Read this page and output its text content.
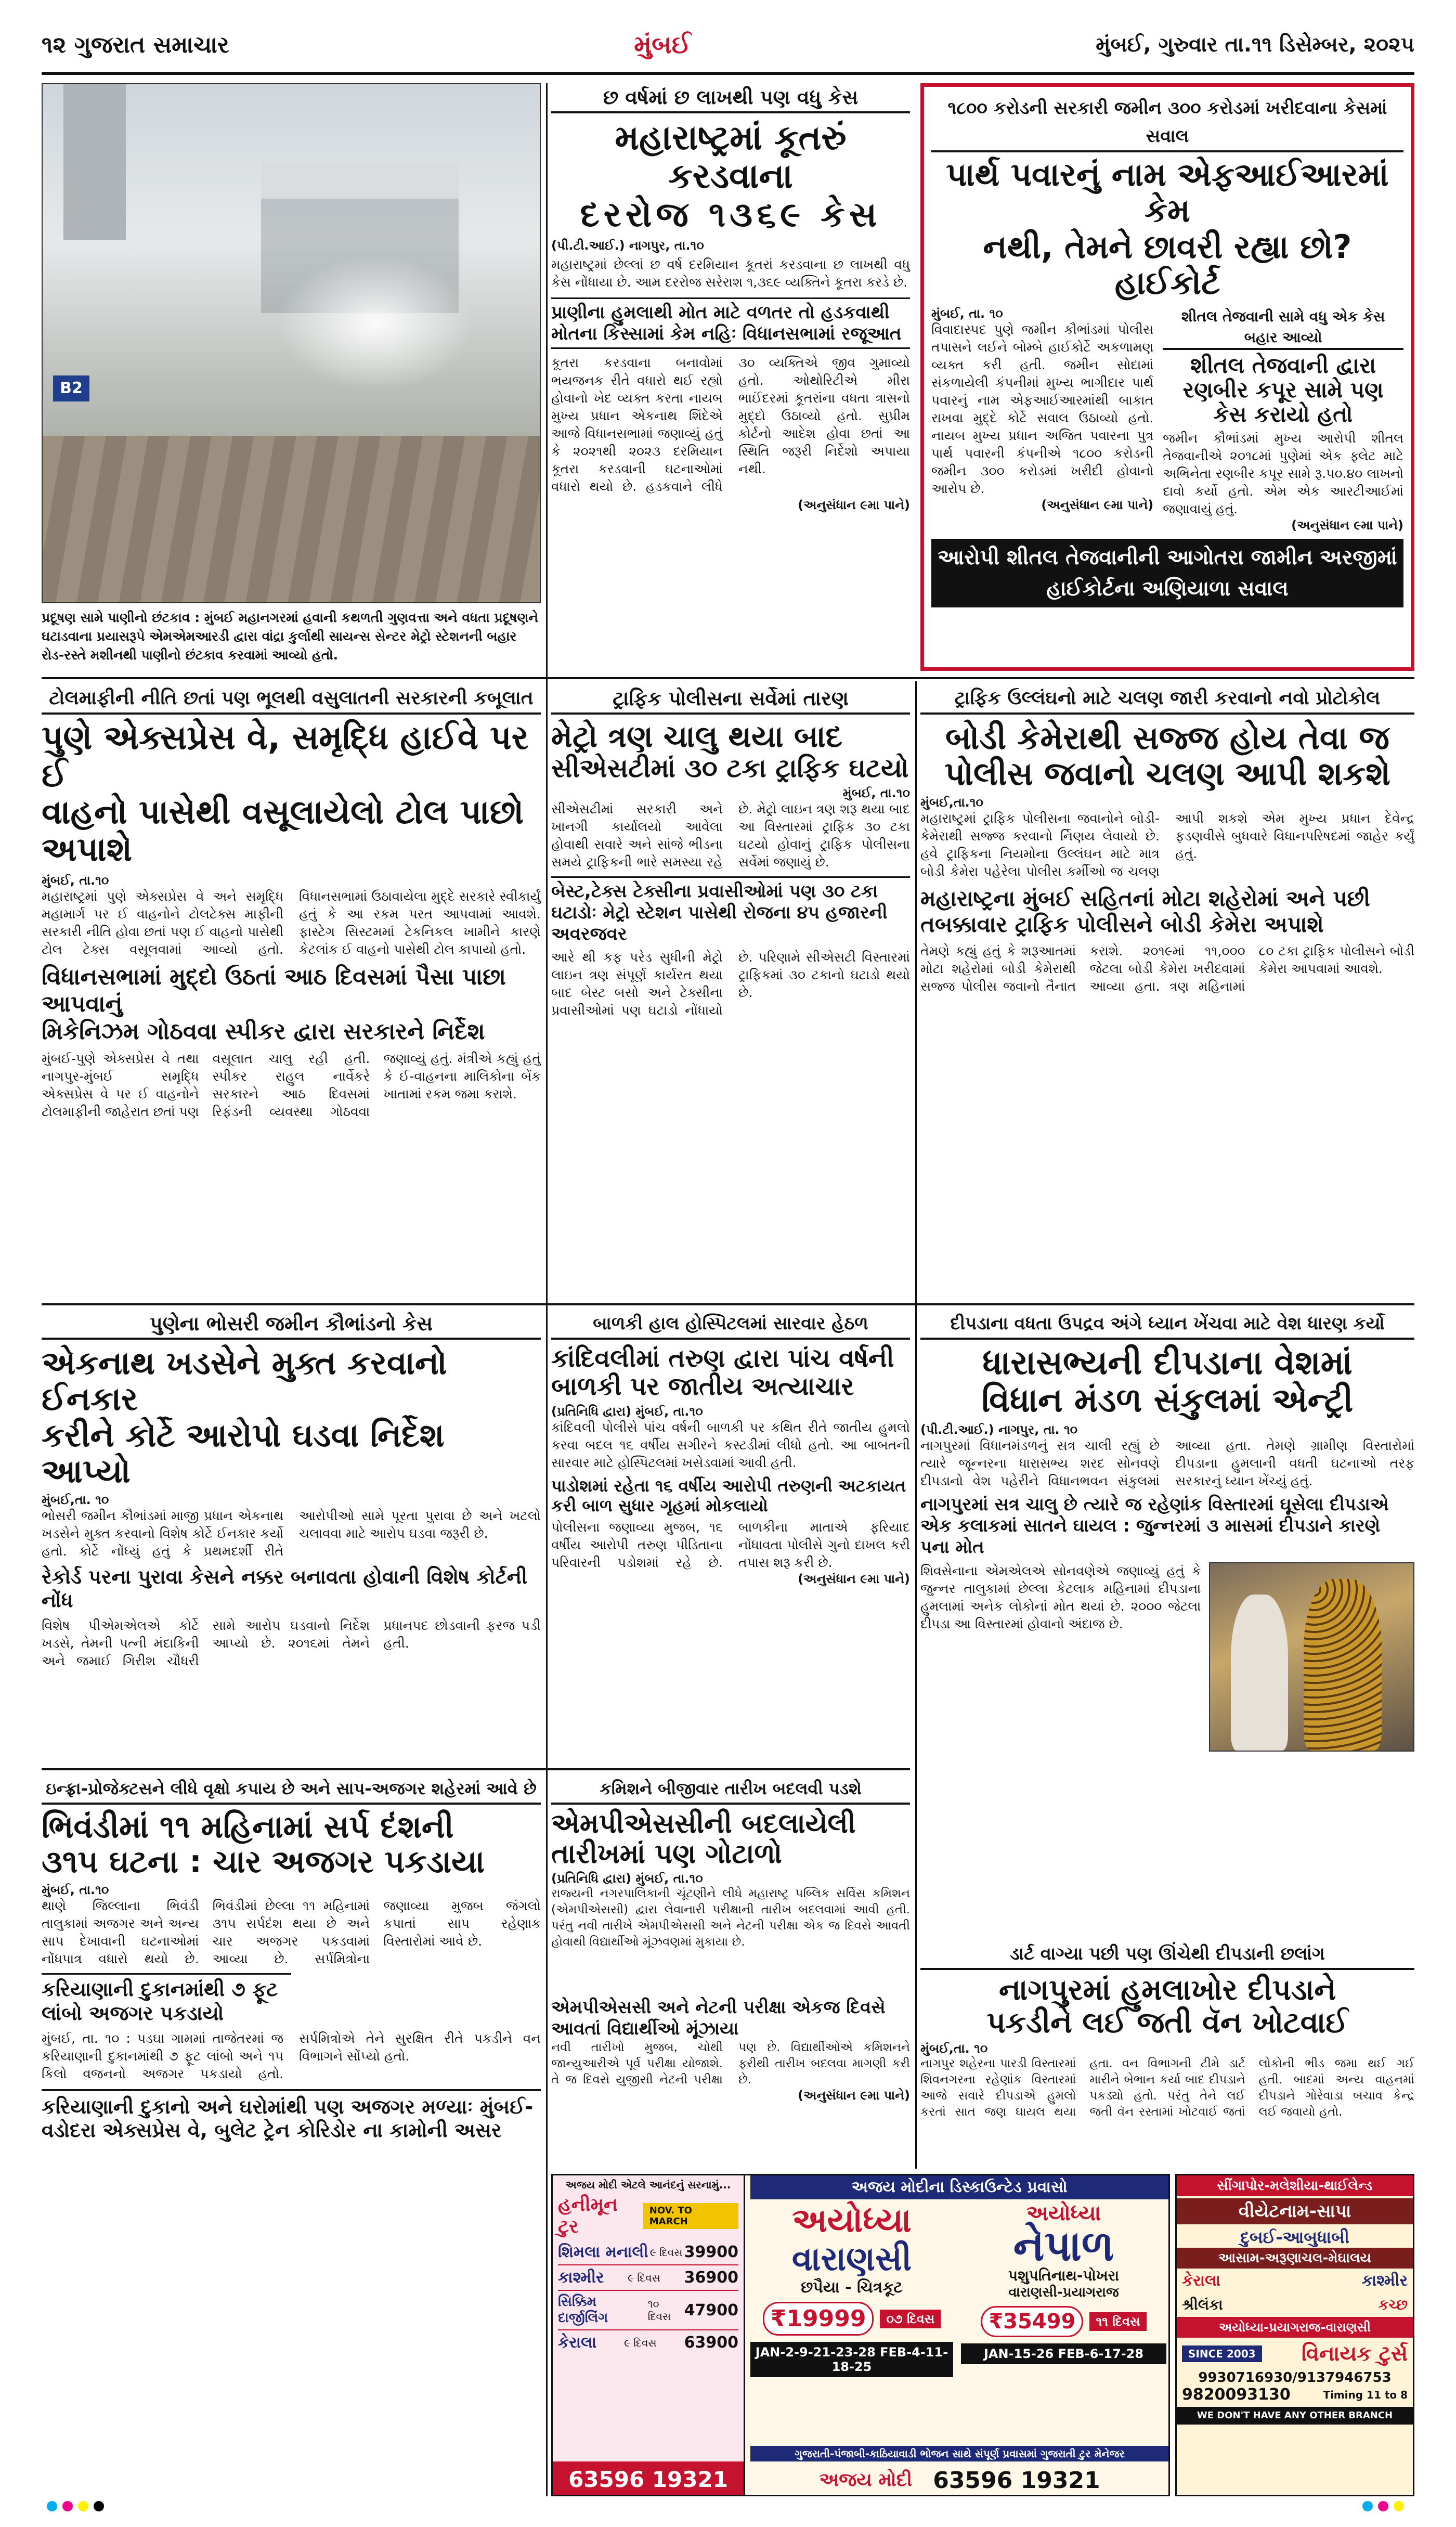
૧૨ ગુજરાત સમાચાર	મુંબઈ	મુંબઈ, ગુરુવાર તા.૧૧ ડિસેમ્બર, ૨૦૨૫
B2
પ્રદૂષણ સામે પાણીનો છંટકાવ : મુંબઈ મહાનગરમાં હવાની કથળતી ગુણવત્તા અને વધતા પ્રદૂષણને ઘટાડવાના પ્રયાસરૂપે એમએમઆરડી દ્વારા વાંદ્રા કુર્લાથી સાયન્સ સેન્ટર મેટ્રો સ્ટેશનની બહાર રોડ-રસ્તે મશીનથી પાણીનો છંટકાવ કરવામાં આવ્યો હતો.
છ વર્ષમાં છ લાખથી પણ વધુ કેસ
મહારાષ્ટ્રમાં કૂતરું કરડવાના
દરરોજ ૧૩૬૯ કેસ
(પી.ટી.આઈ.) નાગપુર, તા.૧૦
મહારાષ્ટ્રમાં છેલ્લાં છ વર્ષ દરમિયાન કૂતરાં કરડવાના છ લાખથી વધુ કેસ નોંધાયા છે. આમ દરરોજ સરેરાશ ૧,૩૬૯ વ્યક્તિને કૂતરા કરડે છે.
પ્રાણીના હુમલાથી મોત માટે વળતર તો હડકવાથી મોતના કિસ્સામાં કેમ નહિઃ વિધાનસભામાં રજૂઆત
કૂતરા કરડવાના બનાવોમાં ભયજનક રીતે વધારો થઈ રહ્યો હોવાનો ખેદ વ્યક્ત કરતા નાયબ મુખ્ય પ્રધાન એકનાથ શિંદેએ આજે વિધાનસભામાં જણાવ્યું હતું કે ૨૦૨૧થી ૨૦૨૩ દરમિયાન કૂતરા કરડવાની ઘટનાઓમાં વધારો થયો છે. હડકવાને લીધે ૩૦ વ્યક્તિએ જીવ ગુમાવ્યો હતો. ઓથોરિટીએ મીરા ભાઈંદરમાં કૂતરાંના વધતા ત્રાસનો મુદ્દો ઉઠાવ્યો હતો. સુપ્રીમ કોર્ટનો આદેશ હોવા છતાં આ સ્થિતિ જરૂરી નિર્દેશો અપાયા નથી.
(અનુસંધાન ૯મા પાને)
૧૮૦૦ કરોડની સરકારી જમીન ૩૦૦ કરોડમાં ખરીદવાના કેસમાં સવાલ
પાર્થ પવારનું નામ એફઆઈઆરમાં કેમ
નથી, તેમને છાવરી રહ્યા છો? હાઈકોર્ટ
મુંબઈ, તા. ૧૦
વિવાદાસ્પદ પુણે જમીન કૌભાંડમાં પોલીસ તપાસને લઈને બોમ્બે હાઈકોર્ટે અકળામણ વ્યક્ત કરી હતી. જમીન સોદામાં સંકળાયેલી કંપનીમાં મુખ્ય ભાગીદાર પાર્થ પવારનું નામ એફઆઈઆરમાંથી બાકાત રાખવા મુદ્દે કોર્ટે સવાલ ઉઠાવ્યો હતો. નાયબ મુખ્ય પ્રધાન અજિત પવારના પુત્ર પાર્થ પવારની કંપનીએ ૧૮૦૦ કરોડની જમીન ૩૦૦ કરોડમાં ખરીદી હોવાનો આરોપ છે.
(અનુસંધાન ૯મા પાને)
શીતલ તેજવાની સામે વધુ એક કેસ બહાર આવ્યો
શીતલ તેજવાની દ્વારા રણબીર કપૂર સામે પણ કેસ કરાયો હતો
જમીન કૌભાંડમાં મુખ્ય આરોપી શીતલ તેજવાનીએ ૨૦૧૮માં પુણેમાં એક ફ્લેટ માટે અભિનેતા રણબીર કપૂર સામે રૂ.૫૦.૪૦ લાખનો દાવો કર્યો હતો. એમ એક આરટીઆઈમાં જણાવાયું હતું.
(અનુસંધાન ૯મા પાને)
આરોપી શીતલ તેજવાનીની આગોતરા જામીન અરજીમાં હાઈકોર્ટના અણિયાળા સવાલ
ટોલમાફીની નીતિ છતાં પણ ભૂલથી વસુલાતની સરકારની કબૂલાત
પુણે એક્સપ્રેસ વે, સમૃદ્ધિ હાઈવે પર ઈ
વાહનો પાસેથી વસૂલાયેલો ટોલ પાછો અપાશે
મુંબઈ, તા.૧૦
મહારાષ્ટ્રમાં પુણે એક્સપ્રેસ વે અને સમૃદ્ધિ મહામાર્ગ પર ઈ વાહનોને ટોલટેક્સ માફીની સરકારી નીતિ હોવા છતાં પણ ઈ વાહનો પાસેથી ટોલ ટેક્સ વસૂલવામાં આવ્યો હતો. વિધાનસભામાં ઉઠાવાયેલા મુદ્દે સરકારે સ્વીકાર્યું હતું કે આ રકમ પરત આપવામાં આવશે. ફાસ્ટેગ સિસ્ટમમાં ટેકનિકલ ખામીને કારણે કેટલાંક ઈ વાહનો પાસેથી ટોલ કાપાયો હતો.
વિધાનસભામાં મુદ્દો ઉઠતાં આઠ દિવસમાં પૈસા પાછા આપવાનું
મિકેનિઝમ ગોઠવવા સ્પીકર દ્વારા સરકારને નિર્દેશ
મુંબઈ-પુણે એક્સપ્રેસ વે તથા નાગપુર-મુંબઈ સમૃદ્ધિ એક્સપ્રેસ વે પર ઈ વાહનોને ટોલમાફીની જાહેરાત છતાં પણ વસૂલાત ચાલુ રહી હતી. સ્પીકર રાહુલ નાર્વેકરે સરકારને આઠ દિવસમાં રિફંડની વ્યવસ્થા ગોઠવવા જણાવ્યું હતું. મંત્રીએ કહ્યું હતું કે ઈ-વાહનના માલિકોના બેંક ખાતામાં રકમ જમા કરાશે.
ટ્રાફિક પોલીસના સર્વેમાં તારણ
મેટ્રો ત્રણ ચાલુ થયા બાદ
સીએસટીમાં ૩૦ ટકા ટ્રાફિક ઘટયો
મુંબઈ, તા.૧૦
સીએસટીમાં સરકારી અને ખાનગી કાર્યાલયો આવેલા હોવાથી સવારે અને સાંજે ભીડના સમયે ટ્રાફિકની ભારે સમસ્યા રહે છે. મેટ્રો લાઇન ત્રણ શરૂ થયા બાદ આ વિસ્તારમાં ટ્રાફિક ૩૦ ટકા ઘટયો હોવાનું ટ્રાફિક પોલીસના સર્વેમાં જણાયું છે.
બેસ્ટ,ટેક્સ ટેક્સીના પ્રવાસીઓમાં પણ ૩૦ ટકા ઘટાડોઃ મેટ્રો સ્ટેશન પાસેથી રોજના ૪૫ હજારની અવરજવર
આરે થી કફ પરેડ સુધીની મેટ્રો લાઇન ત્રણ સંપૂર્ણ કાર્યરત થયા બાદ બેસ્ટ બસો અને ટેક્સીના પ્રવાસીઓમાં પણ ઘટાડો નોંધાયો છે. પરિણામે સીએસટી વિસ્તારમાં ટ્રાફિકમાં ૩૦ ટકાનો ઘટાડો થયો છે.
ટ્રાફિક ઉલ્લંઘનો માટે ચલણ જારી કરવાનો નવો પ્રોટોકોલ
બોડી કેમેરાથી સજ્જ હોય તેવા જ
પોલીસ જવાનો ચલણ આપી શકશે
મુંબઈ,તા.૧૦
મહારાષ્ટ્રમાં ટ્રાફિક પોલીસના જવાનોને બોડી-કેમેરાથી સજ્જ કરવાનો ર્નિણય લેવાયો છે. હવે ટ્રાફિકના નિયમોના ઉલ્લંઘન માટે માત્ર બોડી કેમેરા પહેરેલા પોલીસ કર્મીઓ જ ચલણ આપી શકશે એમ મુખ્ય પ્રધાન દેવેન્દ્ર ફડણવીસે બુધવારે વિધાનપરિષદમાં જાહેર કર્યું હતું.
મહારાષ્ટ્રના મુંબઈ સહિતનાં મોટા શહેરોમાં અને પછી તબક્કાવાર ટ્રાફિક પોલીસને બોડી કેમેરા અપાશે
તેમણે કહ્યું હતું કે શરૂઆતમાં મોટા શહેરોમાં બોડી કેમેરાથી સજ્જ પોલીસ જવાનો તૈનાત કરાશે. ૨૦૧૯માં ૧૧,૦૦૦ જેટલા બોડી કેમેરા ખરીદવામાં આવ્યા હતા. ત્રણ મહિનામાં ૮૦ ટકા ટ્રાફિક પોલીસને બોડી કેમેરા આપવામાં આવશે.
પુણેના ભોસરી જમીન કૌભાંડનો કેસ
એકનાથ ખડસેને મુક્ત કરવાનો ઈનકાર
કરીને કોર્ટે આરોપો ઘડવા નિર્દેશ આપ્યો
મુંબઈ,તા. ૧૦
ભોસરી જમીન કૌભાંડમાં માજી પ્રધાન એકનાથ ખડસેને મુક્ત કરવાનો વિશેષ કોર્ટે ઈનકાર કર્યો હતો. કોર્ટે નોંધ્યું હતું કે પ્રથમદર્શી રીતે આરોપીઓ સામે પૂરતા પુરાવા છે અને ખટલો ચલાવવા માટે આરોપ ઘડવા જરૂરી છે.
રેકોર્ડ પરના પુરાવા કેસને નક્કર બનાવતા હોવાની વિશેષ કોર્ટની નોંધ
વિશેષ પીએમએલએ કોર્ટે ખડસે, તેમની પત્ની મંદાકિની અને જમાઈ ગિરીશ ચૌધરી સામે આરોપ ઘડવાનો નિર્દેશ આપ્યો છે. ૨૦૧૬માં તેમને પ્રધાનપદ છોડવાની ફરજ પડી હતી.
બાળકી હાલ હોસ્પિટલમાં સારવાર હેઠળ
કાંદિવલીમાં તરુણ દ્વારા પાંચ વર્ષની
બાળકી પર જાતીય અત્યાચાર
(પ્રતિનિધિ દ્વારા) મુંબઈ, તા.૧૦
કાંદિવલી પોલીસે પાંચ વર્ષની બાળકી પર કથિત રીતે જાતીય હુમલો કરવા બદલ ૧૬ વર્ષીય સગીરને કસ્ટડીમાં લીધો હતો. આ બાબતની સારવાર માટે હોસ્પિટલમાં ખસેડવામાં આવી હતી.
પાડોશમાં રહેતા ૧૬ વર્ષીય આરોપી તરુણની અટકાયત કરી બાળ સુધાર ગૃહમાં મોકલાયો
પોલીસના જણાવ્યા મુજબ, ૧૬ વર્ષીય આરોપી તરુણ પીડિતાના પરિવારની પડોશમાં રહે છે. બાળકીના માતાએ ફરિયાદ નોંધાવતા પોલીસે ગુનો દાખલ કરી તપાસ શરૂ કરી છે.
(અનુસંધાન ૯મા પાને)
દીપડાના વધતા ઉપદ્રવ અંગે ધ્યાન ખેંચવા માટે વેશ ધારણ કર્યો
ધારાસભ્યની દીપડાના વેશમાં
વિધાન મંડળ સંકુલમાં એન્ટ્રી
(પી.ટી.આઈ.) નાગપુર, તા. ૧૦
નાગપુરમાં વિધાનમંડળનું સત્ર ચાલી રહ્યું છે ત્યારે જૂન્નરના ધારાસભ્ય શરદ સોનવણે દીપડાનો વેશ પહેરીને વિધાનભવન સંકુલમાં આવ્યા હતા. તેમણે ગ્રામીણ વિસ્તારોમાં દીપડાના હુમલાની વધતી ઘટનાઓ તરફ સરકારનું ધ્યાન ખેંચ્યું હતું.
નાગપુરમાં સત્ર ચાલુ છે ત્યારે જ રહેણાંક વિસ્તારમાં ઘૂસેલા દીપડાએ એક કલાકમાં સાતને ઘાયલ : જુન્નરમાં ૩ માસમાં દીપડાને કારણે પના મોત
શિવસેનાના એમએલએ સોનવણેએ જણાવ્યું હતું કે જુન્નર તાલુકામાં છેલ્લા કેટલાક મહિનામાં દીપડાના હુમલામાં અનેક લોકોનાં મોત થયાં છે. ૨૦૦૦ જેટલા દીપડા આ વિસ્તારમાં હોવાનો અંદાજ છે.
ઇન્ફ્રા-પ્રોજેક્ટસને લીધે વૃક્ષો કપાય છે અને સાપ-અજગર શહેરમાં આવે છે
ભિવંડીમાં ૧૧ મહિનામાં સર્પ દંશની
૩૧૫ ઘટના : ચાર અજગર પકડાયા
મુંબઈ, તા.૧૦
થાણે જિલ્લાના ભિવંડી તાલુકામાં અજગર અને અન્ય સાપ દેખાવાની ઘટનાઓમાં નોંધપાત્ર વધારો થયો છે. ભિવંડીમાં છેલ્લા ૧૧ મહિનામાં ૩૧૫ સર્પદંશ થયા છે અને ચાર અજગર પકડવામાં આવ્યા છે. સર્પમિત્રોના જણાવ્યા મુજબ જંગલો કપાતાં સાપ રહેણાક વિસ્તારોમાં આવે છે.
કરિયાણાની દુકાનમાંથી ૭ ફૂટ લાંબો અજગર પકડાયો
મુંબઈ, તા. ૧૦ : પડઘા ગામમાં તાજેતરમાં જ કરિયાણાની દુકાનમાંથી ૭ ફૂટ લાંબો અને ૧૫ કિલો વજનનો અજગર પકડાયો હતો. સર્પમિત્રોએ તેને સુરક્ષિત રીતે પકડીને વન વિભાગને સોંપ્યો હતો.
કરિયાણાની દુકાનો અને ઘરોમાંથી પણ અજગર મળ્યાઃ મુંબઈ-વડોદરા એક્સપ્રેસ વે, બુલેટ ટ્રેન કોરિડોર ના કામોની અસર
કમિશને બીજીવાર તારીખ બદલવી પડશે
એમપીએસસીની બદલાયેલી
તારીખમાં પણ ગોટાળો
(પ્રતિનિધિ દ્વારા) મુંબઈ, તા.૧૦
રાજ્યની નગરપાલિકાની ચૂંટણીને લીધે મહારાષ્ટ્ર પબ્લિક સર્વિસ કમિશન (એમપીએસસી) દ્વારા લેવાનારી પરીક્ષાની તારીખ બદલવામાં આવી હતી. પરંતુ નવી તારીખે એમપીએસસી અને નેટની પરીક્ષા એક જ દિવસે આવતી હોવાથી વિદ્યાર્થીઓ મૂંઝવણમાં મુકાયા છે.
એમપીએસસી અને નેટની પરીક્ષા એકજ દિવસે આવતાં વિદ્યાર્થીઓ મૂંઝાયા
નવી તારીખો મુજબ, ચોથી જાન્યુઆરીએ પૂર્વ પરીક્ષા યોજાશે. તે જ દિવસે યુજીસી નેટની પરીક્ષા પણ છે. વિદ્યાર્થીઓએ કમિશનને ફરીથી તારીખ બદલવા માગણી કરી છે.
(અનુસંધાન ૯મા પાને)
ડાર્ટ વાગ્યા પછી પણ ઊંચેથી દીપડાની છલાંગ
નાગપુરમાં હુમલાખોર દીપડાને
પકડીને લઈ જતી વૅન ખોટવાઈ
મુંબઈ,તા. ૧૦
નાગપુર શહેરના પારડી વિસ્તારમાં શિવનગરના રહેણાંક વિસ્તારમાં આજે સવારે દીપડાએ હુમલો કરતાં સાત જણ ઘાયલ થયા હતા. વન વિભાગની ટીમે ડાર્ટ મારીને બેભાન કર્યા બાદ દીપડાને પકડ્યો હતો. પરંતુ તેને લઈ જતી વૅન રસ્તામાં ખોટવાઈ જતાં લોકોની ભીડ જમા થઈ ગઈ હતી. બાદમાં અન્ય વાહનમાં દીપડાને ગોરેવાડા બચાવ કેન્દ્ર લઈ જવાયો હતો.
અજય મોદીના ડિસ્કાઉન્ટેડ પ્રવાસો
અજય મોદી એટલે આનંદનું સરનામું...
હનીમૂન ટુર
NOV. TO MARCH
શિમલા મનાલી ૯ દિવસ 39900
કાશ્મીર ૯ દિવસ 36900
સિક્કિમ દાર્જીલિંગ
૧૦ દિવસ 47900
કેરાલા	૯ દિવસ 63900
63596 19321
અયોધ્યા
વારાણસી
છપૈયા - ચિત્રકૂટ
₹19999	૦૭ દિવસ
JAN-2-9-21-23-28 FEB-4-11-18-25
અયોધ્યા
નેપાળ
પશુપતિનાથ-પોખરા
વારાણસી-પ્રયાગરાજ
₹35499	૧૧ દિવસ
JAN-15-26 FEB-6-17-28
ગુજરાતી-પંજાબી-કાઠિયાવાડી ભોજન સાથે સંપૂર્ણ પ્રવાસમાં ગુજરાતી ટુર મેનેજર
અજય મોદી 63596 19321
સીંગાપોર-મલેશીયા-થાઈલેન્ડ
વીયેટનામ-સાપા
દુબઈ-આબુધાબી
આસામ-અરૂણાચલ-મેઘાલય
કેરાલા	કાશ્મીર
શ્રીલંકા	કચ્છ
અયોધ્યા-પ્રયાગરાજ-વારાણસી
SINCE 2003	વિનાયક ટુર્સ
9930716930/9137946753
9820093130	Timing 11 to 8
WE DON'T HAVE ANY OTHER BRANCH
